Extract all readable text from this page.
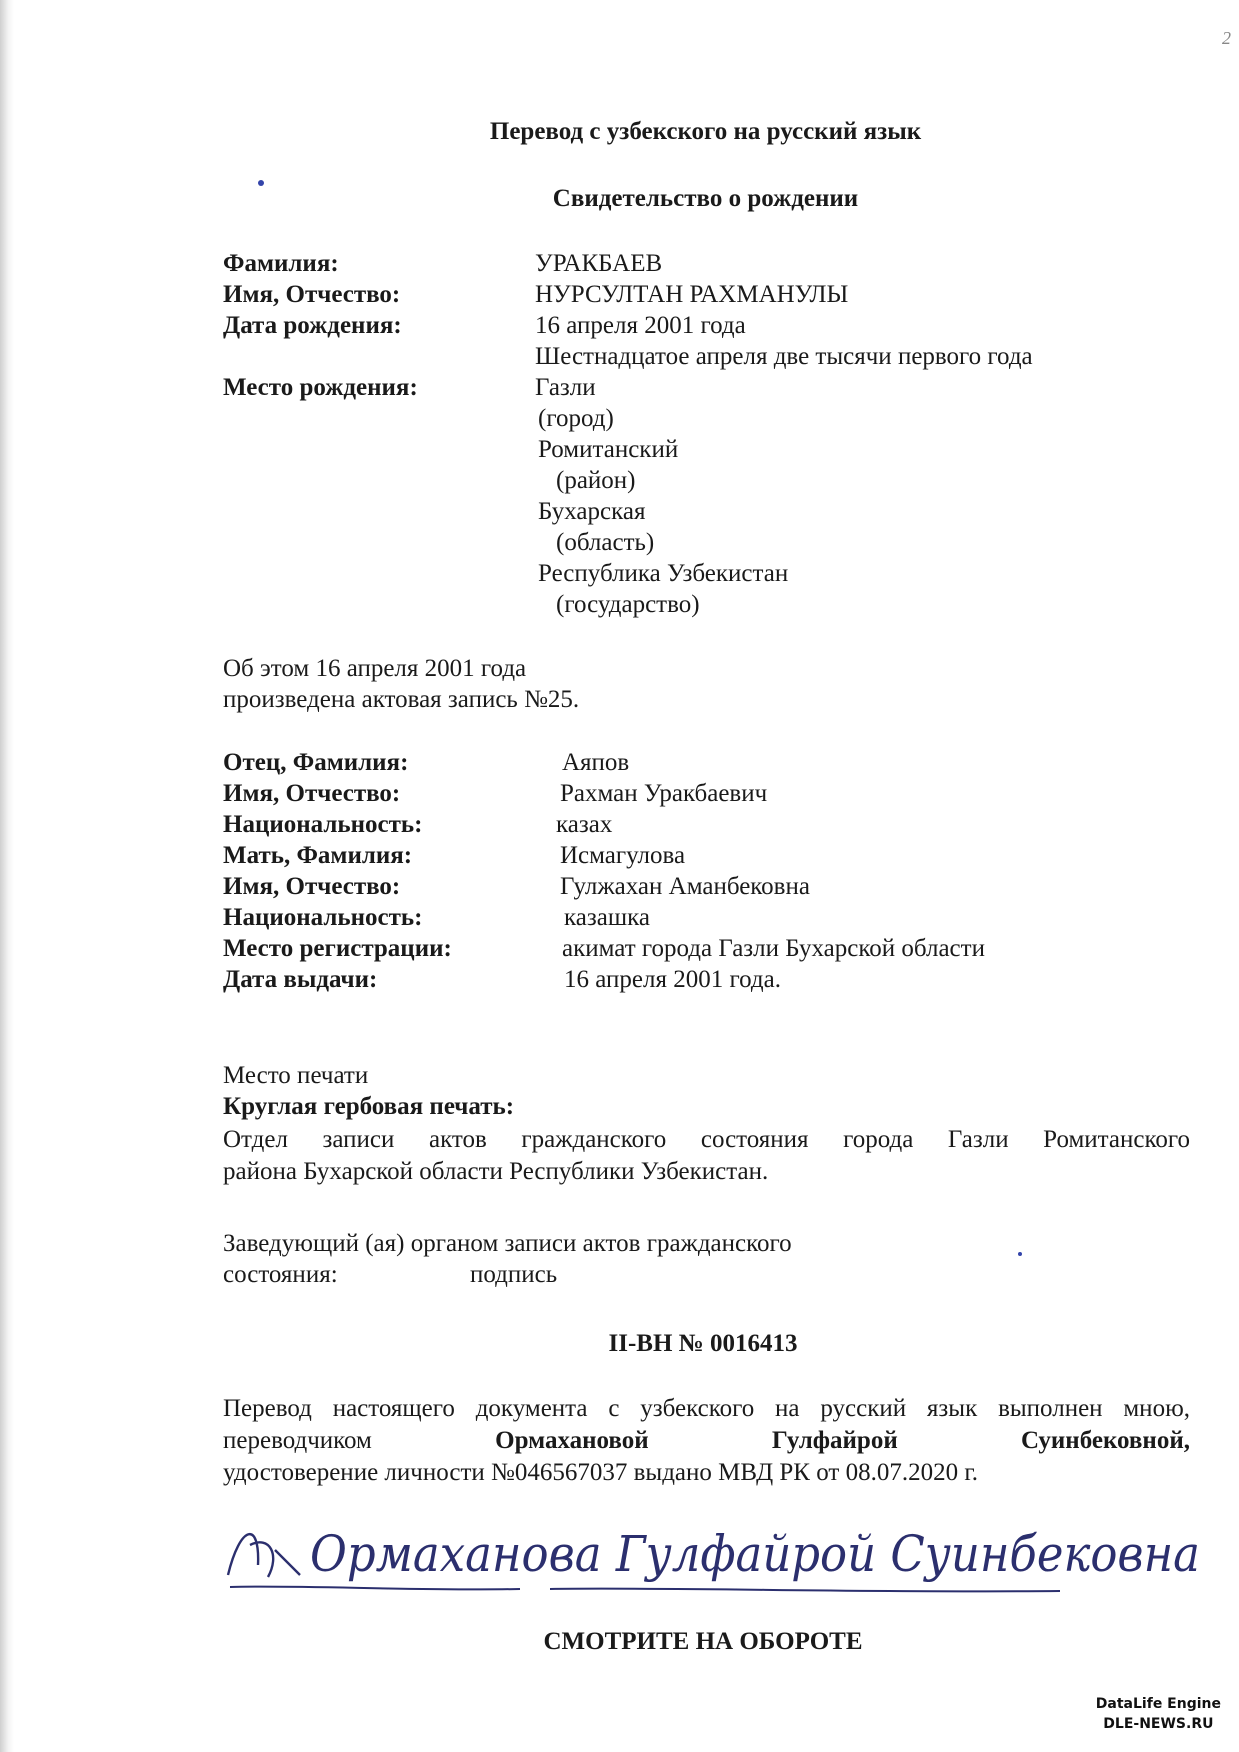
2
Перевод с узбекского на русский язык
Свидетельство о рождении
Фамилия:	УРАКБАЕВ
Имя, Отчество:	НУРСУЛТАН РАХМАНУЛЫ
Дата рождения:	16 апреля 2001 года
Шестнадцатое апреля две тысячи первого года
Место рождения:	Газли
(город)
Ромитанский
(район)
Бухарская
(область)
Республика Узбекистан
(государство)
Об этом 16 апреля 2001 года
произведена актовая запись №25.
Отец, Фамилия:	Аяпов
Имя, Отчество:	Рахман Уракбаевич
Национальность:	казах
Мать, Фамилия:	Исмагулова
Имя, Отчество:	Гулжахан Аманбековна
Национальность:	казашка
Место регистрации:	акимат города Газли Бухарской области
Дата выдачи:	16 апреля 2001 года.
Место печати
Круглая гербовая печать:
Отдел записи актов гражданского состояния города Газли Ромитанского
района Бухарской области Республики Узбекистан.
Заведующий (ая) органом записи актов гражданского
состояния:	подпись
II-ВН № 0016413
Перевод настоящего документа с узбекского на русский язык выполнен мною, переводчиком Ормахановой Гулфайрой Суинбековной,
удостоверение личности №046567037 выдано МВД РК от 08.07.2020 г.
Ормаханова Гулфайрой Суинбековна
СМОТРИТЕ НА ОБОРОТЕ
DataLife Engine
DLE-NEWS.RU
